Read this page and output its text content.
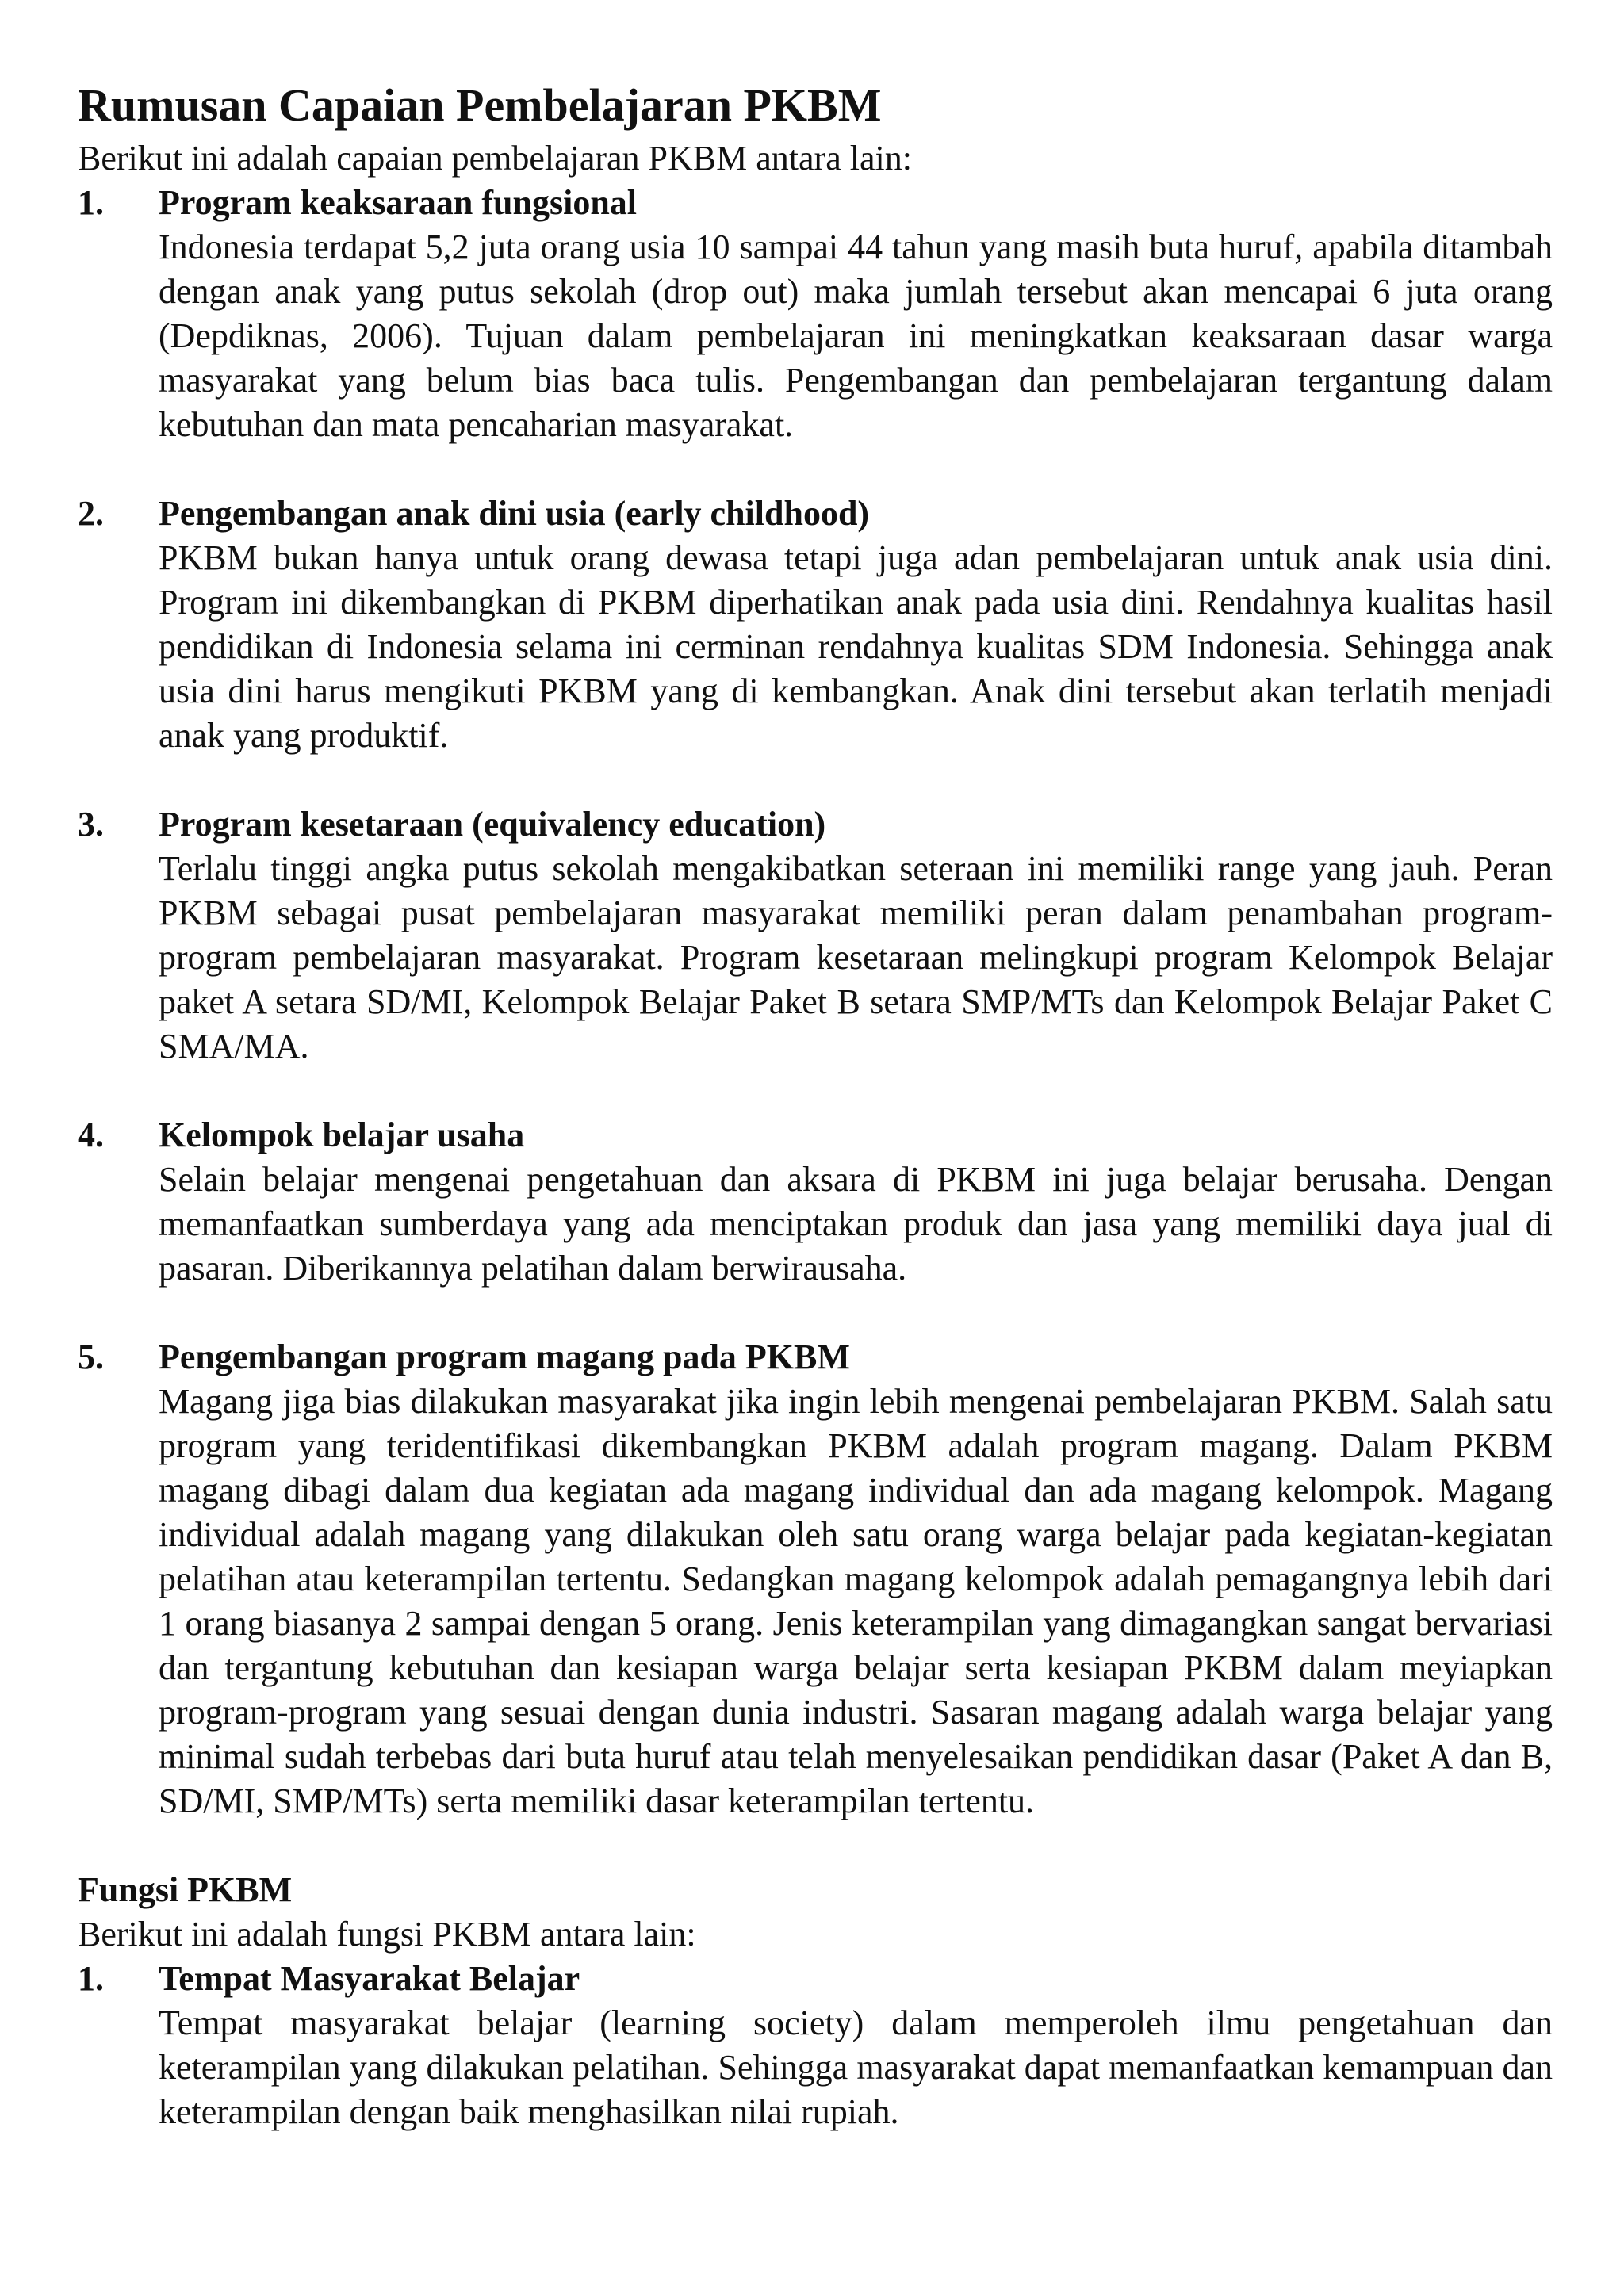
Rumusan Capaian Pembelajaran PKBM

Berikut ini adalah capaian pembelajaran PKBM antara lain:

1.	Program keaksaraan fungsional
Indonesia terdapat 5,2 juta orang usia 10 sampai 44 tahun yang masih buta huruf, apabila ditambah dengan anak yang putus sekolah (drop out) maka jumlah tersebut akan mencapai 6 juta orang (Depdiknas, 2006). Tujuan dalam pembelajaran ini meningkatkan keaksaraan dasar warga masyarakat yang belum bias baca tulis. Pengembangan dan pembelajaran tergantung dalam kebutuhan dan mata pencaharian masyarakat.
2.	Pengembangan anak dini usia (early childhood)
PKBM bukan hanya untuk orang dewasa tetapi juga adan pembelajaran untuk anak usia dini. Program ini dikembangkan di PKBM diperhatikan anak pada usia dini. Rendahnya kualitas hasil pendidikan di Indonesia selama ini cerminan rendahnya kualitas SDM Indonesia. Sehingga anak usia dini harus mengikuti PKBM yang di kembangkan. Anak dini tersebut akan terlatih menjadi anak yang produktif.
3.	Program kesetaraan (equivalency education)
Terlalu tinggi angka putus sekolah mengakibatkan seteraan ini memiliki range yang jauh. Peran PKBM sebagai pusat pembelajaran masyarakat memiliki peran dalam penambahan program-program pembelajaran masyarakat. Program kesetaraan melingkupi program Kelompok Belajar paket A setara SD/MI, Kelompok Belajar Paket B setara SMP/MTs dan Kelompok Belajar Paket C SMA/MA.
4.	Kelompok belajar usaha
Selain belajar mengenai pengetahuan dan aksara di PKBM ini juga belajar berusaha. Dengan memanfaatkan sumberdaya yang ada menciptakan produk dan jasa yang memiliki daya jual di pasaran. Diberikannya pelatihan dalam berwirausaha.
5.	Pengembangan program magang pada PKBM
Magang jiga bias dilakukan masyarakat jika ingin lebih mengenai pembelajaran PKBM. Salah satu program yang teridentifikasi dikembangkan PKBM adalah program magang. Dalam PKBM magang dibagi dalam dua kegiatan ada magang individual dan ada magang kelompok. Magang individual adalah magang yang dilakukan oleh satu orang warga belajar pada kegiatan-kegiatan pelatihan atau keterampilan tertentu. Sedangkan magang kelompok adalah pemagangnya lebih dari 1 orang biasanya 2 sampai dengan 5 orang. Jenis keterampilan yang dimagangkan sangat bervariasi dan tergantung kebutuhan dan kesiapan warga belajar serta kesiapan PKBM dalam meyiapkan program-program yang sesuai dengan dunia industri. Sasaran magang adalah warga belajar yang minimal sudah terbebas dari buta huruf atau telah menyelesaikan pendidikan dasar (Paket A dan B, SD/MI, SMP/MTs) serta memiliki dasar keterampilan tertentu.
Fungsi PKBM

Berikut ini adalah fungsi PKBM antara lain:

1.	Tempat Masyarakat Belajar
Tempat masyarakat belajar (learning society) dalam memperoleh ilmu pengetahuan dan keterampilan yang dilakukan pelatihan. Sehingga masyarakat dapat memanfaatkan kemampuan dan keterampilan dengan baik menghasilkan nilai rupiah.
